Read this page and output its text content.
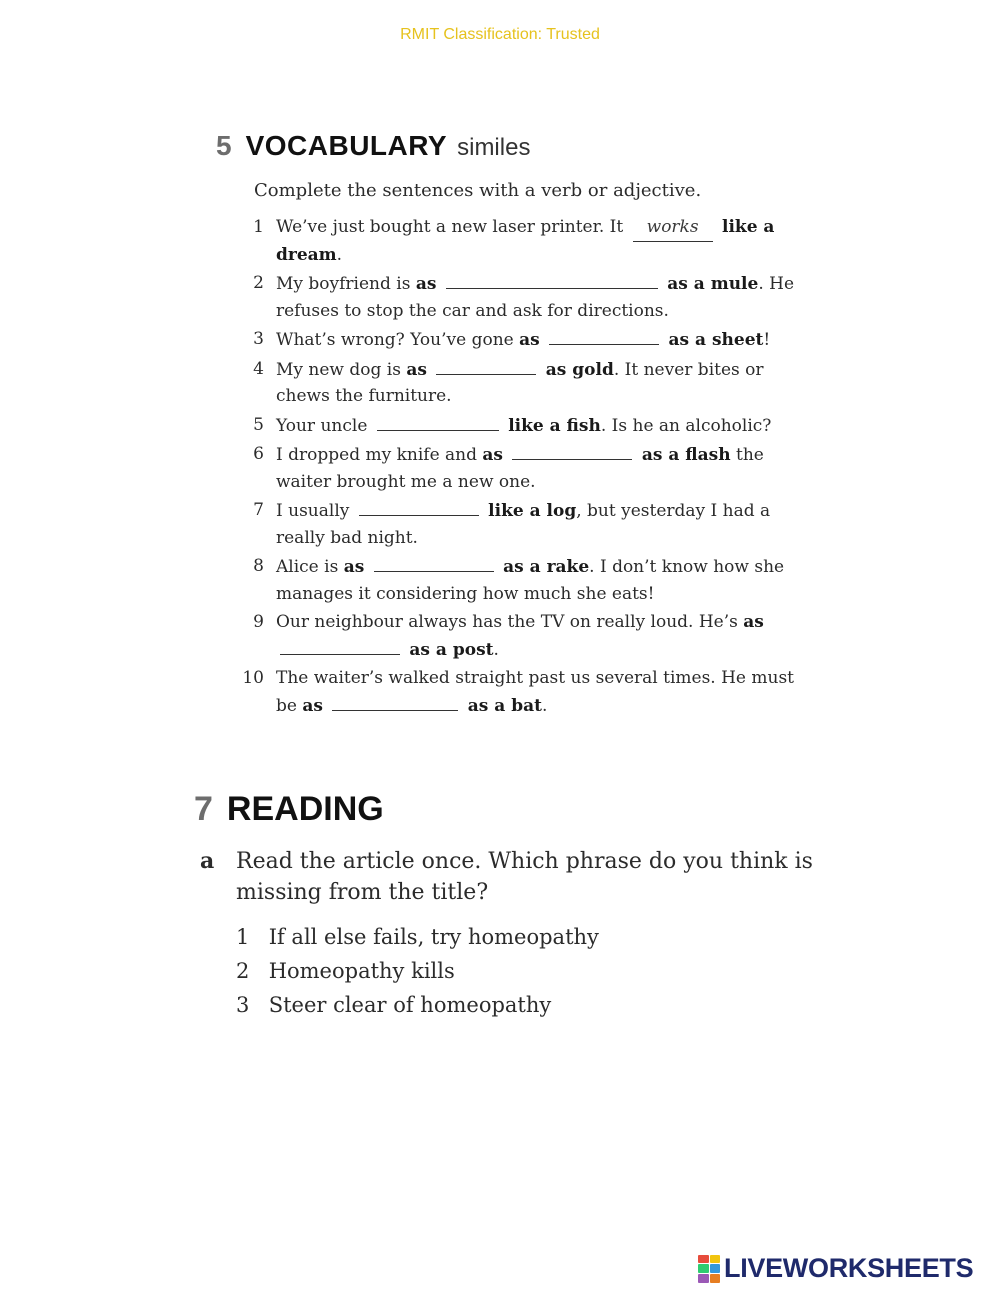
RMIT Classification: Trusted
5 VOCABULARY similes
Complete the sentences with a verb or adjective.
1 We’ve just bought a new laser printer. It works like a dream.
2 My boyfriend is as	as a mule. He refuses to stop the car and ask for directions.
3 What’s wrong? You’ve gone as	as a sheet!
4 My new dog is as	as gold. It never bites or chews the furniture.
5 Your uncle	like a fish. Is he an alcoholic?
6 I dropped my knife and as	as a flash the waiter brought me a new one.
7 I usually	like a log, but yesterday I had a really bad night.
8 Alice is as	as a rake. I don’t know how she manages it considering how much she eats!
9 Our neighbour always has the TV on really loud. He’s as  as a post.
10 The waiter’s walked straight past us several times. He must be as	as a bat.
7 READING
a Read the article once. Which phrase do you think is missing from the title?
1 If all else fails, try homeopathy
2 Homeopathy kills
3 Steer clear of homeopathy
LIVEWORKSHEETS
